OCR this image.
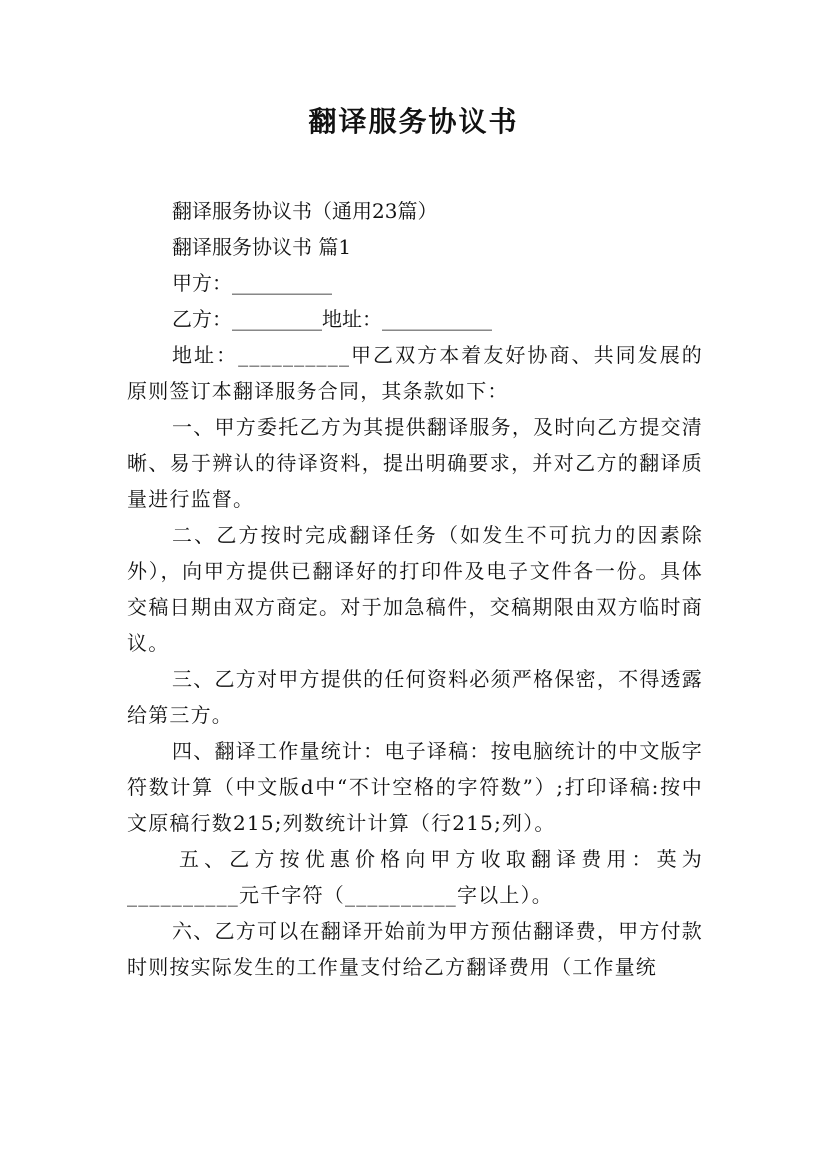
翻译服务协议书
翻译服务协议书（通用23篇）
翻译服务协议书 篇1
甲方：__________
乙方：_________地址：___________

地址：__________甲乙双方本着友好协商、共同发展的原则签订本翻译服务合同，其条款如下：

一、甲方委托乙方为其提供翻译服务，及时向乙方提交清晰、易于辨认的待译资料，提出明确要求，并对乙方的翻译质量进行监督。

二、乙方按时完成翻译任务（如发生不可抗力的因素除外），向甲方提供已翻译好的打印件及电子文件各一份。具体交稿日期由双方商定。对于加急稿件，交稿期限由双方临时商议。

三、乙方对甲方提供的任何资料必须严格保密，不得透露给第三方。

四、翻译工作量统计：电子译稿：按电脑统计的中文版字符数计算（中文版d中“不计空格的字符数”）;打印译稿:按中文原稿行数215;列数统计计算（行215;列）。

五、乙方按优惠价格向甲方收取翻译费用：英为__________元千字符（__________字以上）。

六、乙方可以在翻译开始前为甲方预估翻译费，甲方付款时则按实际发生的工作量支付给乙方翻译费用（工作量统
